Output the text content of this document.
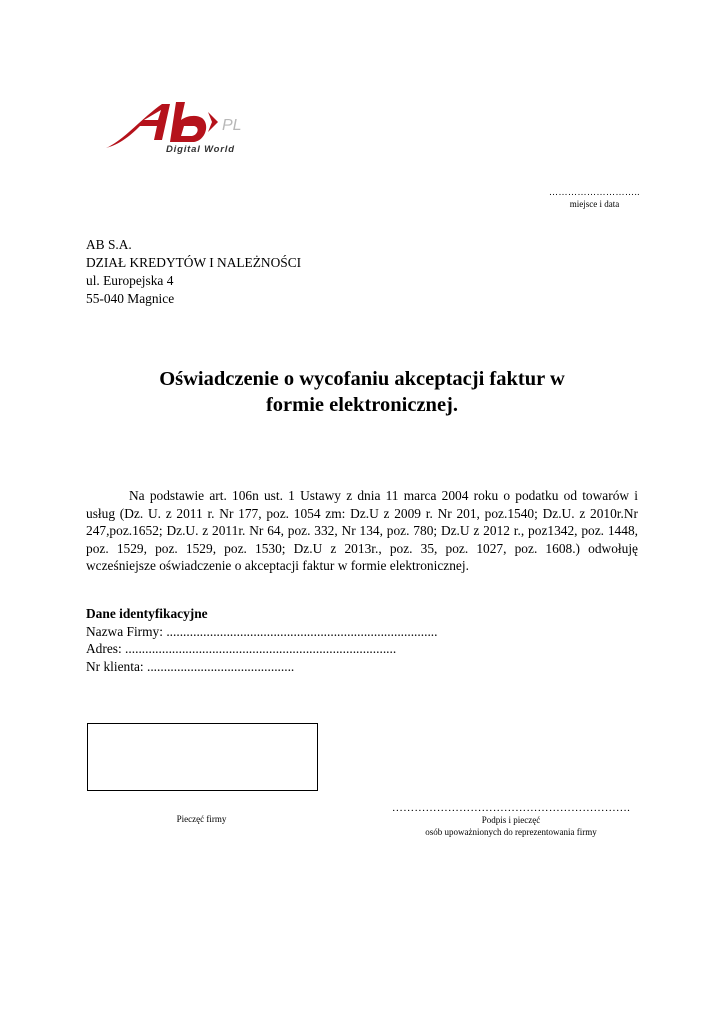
PL
Digital World
………………………..
miejsce i data
AB S.A.
DZIAŁ KREDYTÓW I NALEŻNOŚCI
ul. Europejska 4
55-040 Magnice
Oświadczenie o wycofaniu akceptacji faktur w
formie elektronicznej.
Na podstawie art. 106n ust. 1 Ustawy z dnia 11 marca 2004 roku o podatku od towarów i usług (Dz. U. z 2011 r. Nr 177, poz. 1054 zm: Dz.U z 2009 r. Nr 201, poz.1540; Dz.U. z 2010r.Nr 247,poz.1652; Dz.U. z 2011r. Nr 64, poz. 332, Nr 134, poz. 780; Dz.U z 2012 r., poz1342, poz. 1448, poz. 1529, poz. 1529, poz. 1530; Dz.U z 2013r., poz. 35, poz. 1027, poz. 1608.) odwołuję wcześniejsze oświadczenie o akceptacji faktur w formie elektronicznej.
Dane identyfikacyjne
Nazwa Firmy: .................................................................................
Adres: .................................................................................
Nr klienta: ............................................
Pieczęć firmy
……………………………………………………….
Podpis i pieczęć
osób upoważnionych do reprezentowania firmy
